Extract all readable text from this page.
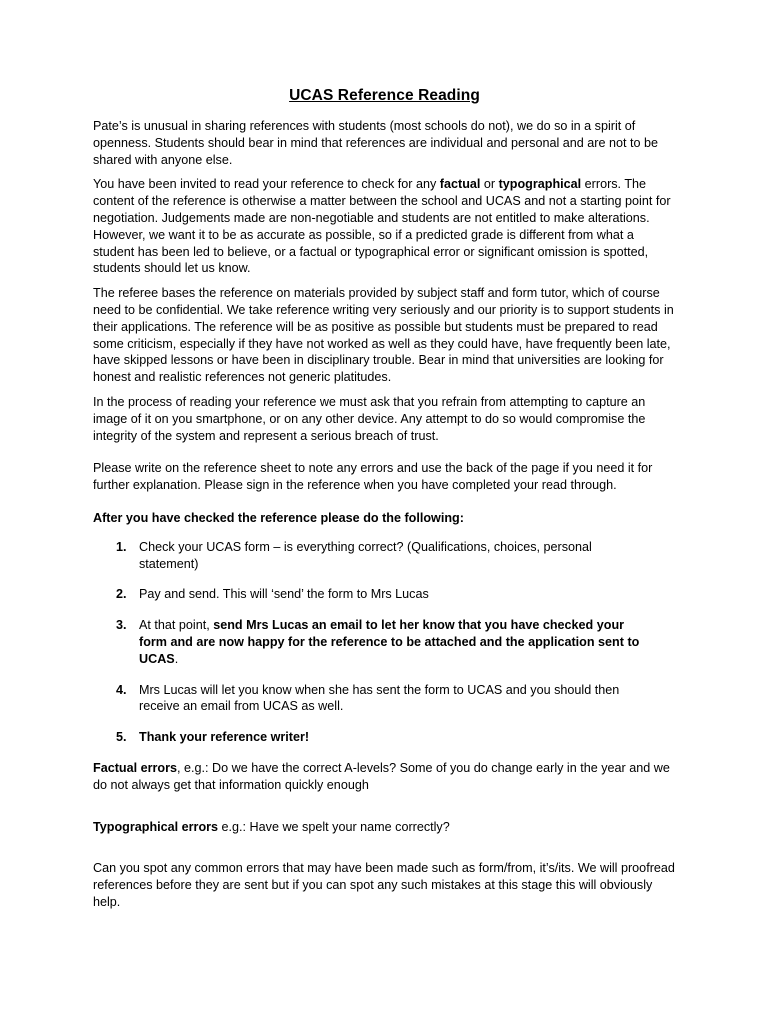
UCAS Reference Reading

Pate’s is unusual in sharing references with students (most schools do not), we do so in a spirit of openness. Students should bear in mind that references are individual and personal and are not to be shared with anyone else.

You have been invited to read your reference to check for any factual or typographical errors. The content of the reference is otherwise a matter between the school and UCAS and not a starting point for negotiation. Judgements made are non-negotiable and students are not entitled to make alterations. However, we want it to be as accurate as possible, so if a predicted grade is different from what a student has been led to believe, or a factual or typographical error or significant omission is spotted, students should let us know.

The referee bases the reference on materials provided by subject staff and form tutor, which of course need to be confidential. We take reference writing very seriously and our priority is to support students in their applications. The reference will be as positive as possible but students must be prepared to read some criticism, especially if they have not worked as well as they could have, have frequently been late, have skipped lessons or have been in disciplinary trouble. Bear in mind that universities are looking for honest and realistic references not generic platitudes.

In the process of reading your reference we must ask that you refrain from attempting to capture an image of it on you smartphone, or on any other device. Any attempt to do so would compromise the integrity of the system and represent a serious breach of trust.

Please write on the reference sheet to note any errors and use the back of the page if you need it for further explanation. Please sign in the reference when you have completed your read through.

After you have checked the reference please do the following:
1. Check your UCAS form – is everything correct? (Qualifications, choices, personal statement)
2. Pay and send. This will ‘send’ the form to Mrs Lucas
3. At that point, send Mrs Lucas an email to let her know that you have checked your form and are now happy for the reference to be attached and the application sent to UCAS.
4. Mrs Lucas will let you know when she has sent the form to UCAS and you should then receive an email from UCAS as well.
5. Thank your reference writer!

Factual errors, e.g.: Do we have the correct A-levels? Some of you do change early in the year and we do not always get that information quickly enough

Typographical errors e.g.: Have we spelt your name correctly?

Can you spot any common errors that may have been made such as form/from, it’s/its. We will proofread references before they are sent but if you can spot any such mistakes at this stage this will obviously help.
